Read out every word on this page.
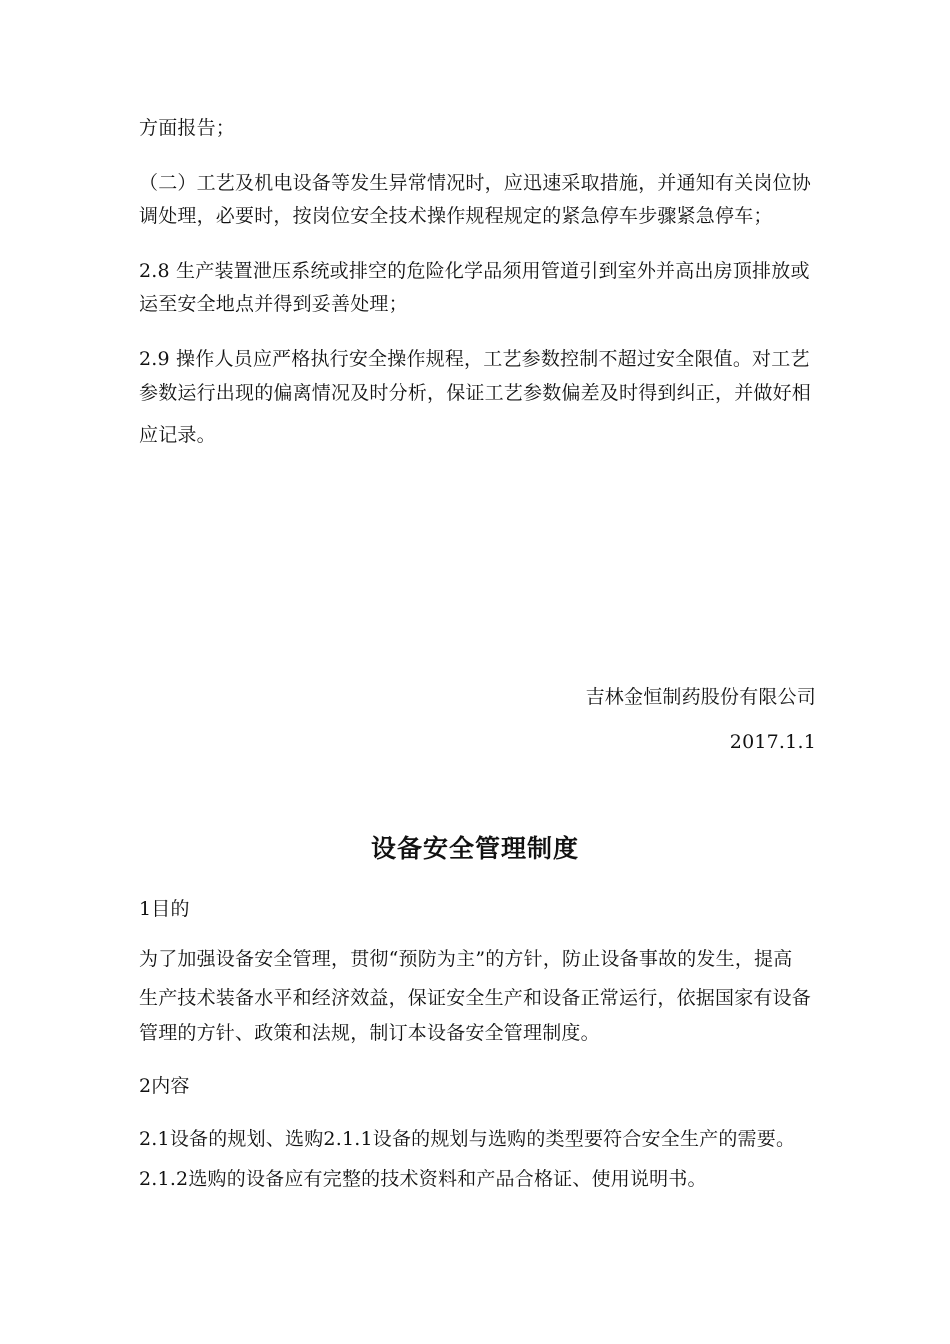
方面报告；
（二）工艺及机电设备等发生异常情况时，应迅速采取措施，并通知有关岗位协
调处理，必要时，按岗位安全技术操作规程规定的紧急停车步骤紧急停车；
2.8 生产装置泄压系统或排空的危险化学品须用管道引到室外并高出房顶排放或
运至安全地点并得到妥善处理；
2.9 操作人员应严格执行安全操作规程，工艺参数控制不超过安全限值。对工艺
参数运行出现的偏离情况及时分析，保证工艺参数偏差及时得到纠正，并做好相
应记录。
吉林金恒制药股份有限公司
2017.1.1
设备安全管理制度
1目的
为了加强设备安全管理，贯彻“预防为主”的方针，防止设备事故的发生，提高
生产技术装备水平和经济效益，保证安全生产和设备正常运行，依据国家有设备
管理的方针、政策和法规，制订本设备安全管理制度。
2内容
2.1设备的规划、选购2.1.1设备的规划与选购的类型要符合安全生产的需要。
2.1.2选购的设备应有完整的技术资料和产品合格证、使用说明书。
